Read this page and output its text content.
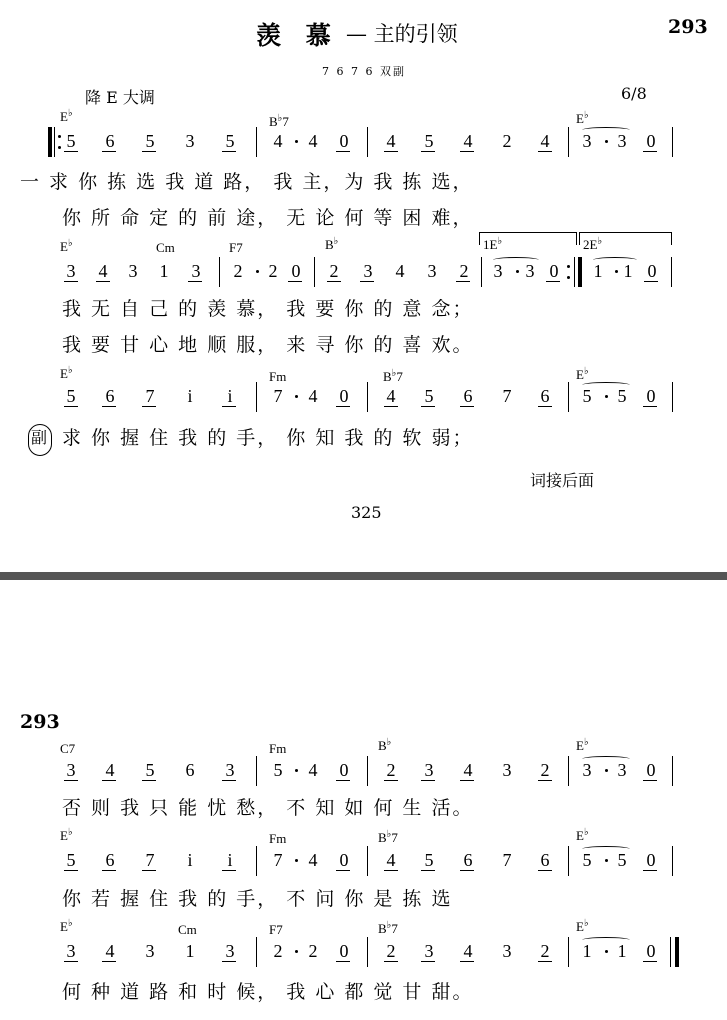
羡 慕 — 主的引领	293
7 6 7 6 双副
降 E 大调	6/8
E♭
B♭7	E♭
5 6 5 3 5 4 4 0 4 5 4 2 4 3 3 0
一 求 你 拣 选 我 道 路， 我 主，为 我 拣 选，
你 所 命 定 的 前 途， 无 论 何 等 困 难，
E♭	Cm	F7	B♭	1E♭	2E♭
3 4 3 1 3 2 2 0 2 3 4 3 2 3 3 0 1 1 0
我 无 自 己 的 羡 慕， 我 要 你 的 意 念；
我 要 甘 心 地 顺 服， 来 寻 你 的 喜 欢。
E♭	Fm	B♭7	E♭
5 6 7	i	i	7 4 0 4 5 6 7 6 5 5 0
副 求 你 握 住 我 的 手， 你 知 我 的 软 弱；
词接后面
325
293
C7	Fm	B♭	E♭
3 4 5 6 3 5 4 0 2 3 4 3 2 3 3 0
否 则 我 只 能 忧 愁， 不 知 如 何 生 活。
E♭	Fm	B♭7	E♭
5 6 7	i	i	7 4 0 4 5 6 7 6 5 5 0
你 若 握 住 我 的 手， 不 问 你 是 拣 选
E♭	Cm	F7	B♭7	E♭
3 4 3 1 3 2 2 0 2 3 4 3 2 1 1 0
何 种 道 路 和 时 候， 我 心 都 觉 甘 甜。
